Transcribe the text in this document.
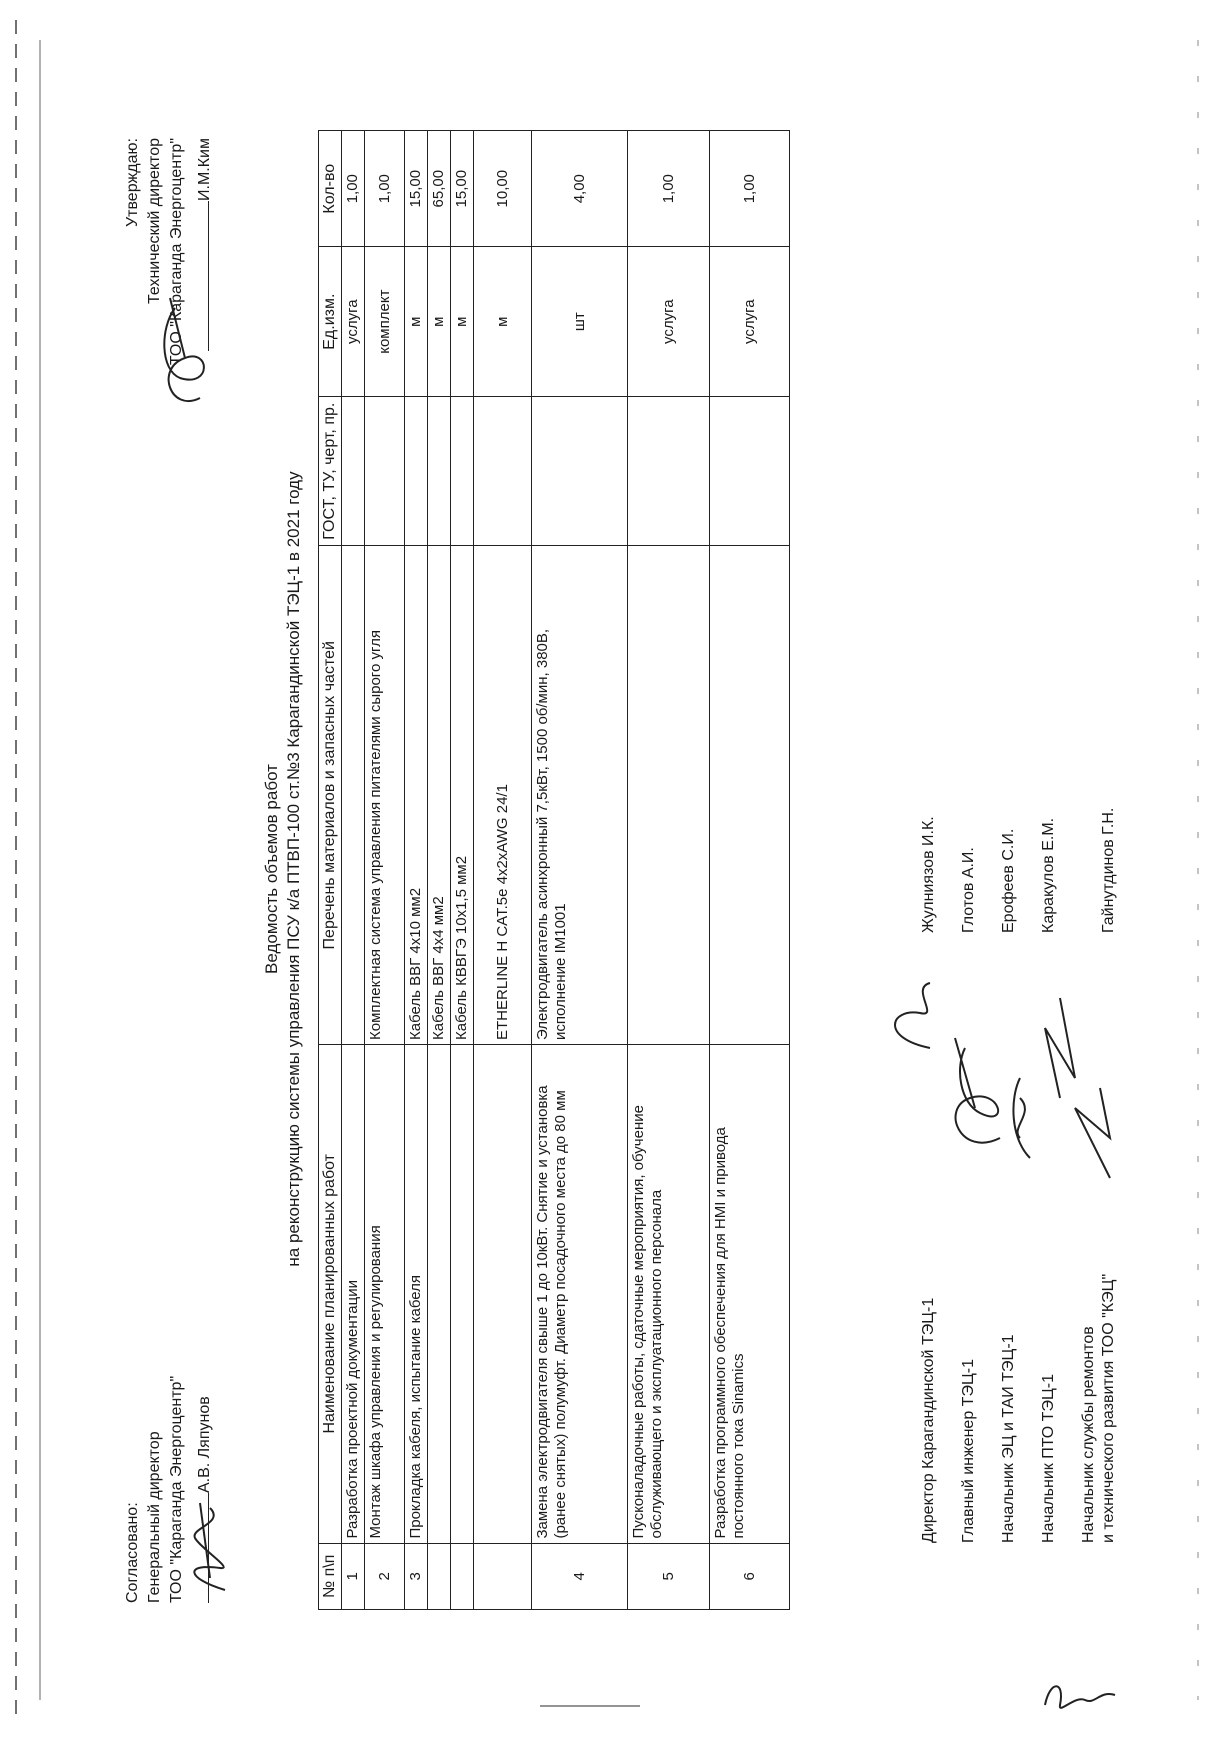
Утверждаю: Технический директор ТОО "Карагандa Энергоцентр" И.М.Ким
Согласовано: Генеральный директор ТОО "Караганда Энергоцентр" А.В. Ляпунов
Ведомость объемов работ на реконструкцию системы управления ПСУ к/а ПТВП-100 ст.№3 Карагандинской ТЭЦ-1 в 2021 году
№ п\п	Наименование планированных работ	Перечень материалов и запасных частей	ГОСТ, ТУ, черт, пр.	Ед.изм.	Кол-во
1	Разработка проектной документации			услуга	1,00
2	Монтаж шкафа управления и регулирования	Комплектная система управления питателями сырого угля		комплект	1,00
3	Прокладка кабеля, испытание кабеля	Кабель ВВГ 4х10 мм2		м	15,00
		Кабель ВВГ 4х4 мм2		м	65,00
		Кабель КВВГЭ 10х1,5 мм2		м	15,00
		ETHERLINE H CAT.5e 4x2xAWG 24/1		м	10,00
4	Замена электродвигателя свыше 1 до 10кВт. Снятие и установка (ранее снятых) полумуфт. Диаметр посадочного места до 80 мм	Электродвигатель асинхронный 7,5кВт, 1500 об/мин, 380В, исполнение IM1001		шт	4,00
5	Пусконаладочные работы, сдаточные мероприятия, обучение обслуживающего и эксплуатационного персонала			услуга	1,00
6	Разработка программного обеспечения для HMI и привода постоянного тока Sinamics			услуга	1,00
Директор Карагандинской ТЭЦ-1
Жулниязов И.К.
Главный инженер ТЭЦ-1
Глотов А.И.
Начальник ЭЦ и ТАИ ТЭЦ-1
Ерофеев С.И.
Начальник ПТО ТЭЦ-1
Каракулов Е.М.
Начальник службы ремонтов и технического развития ТОО "КЭЦ"
Гайнутдинов Г.Н.
